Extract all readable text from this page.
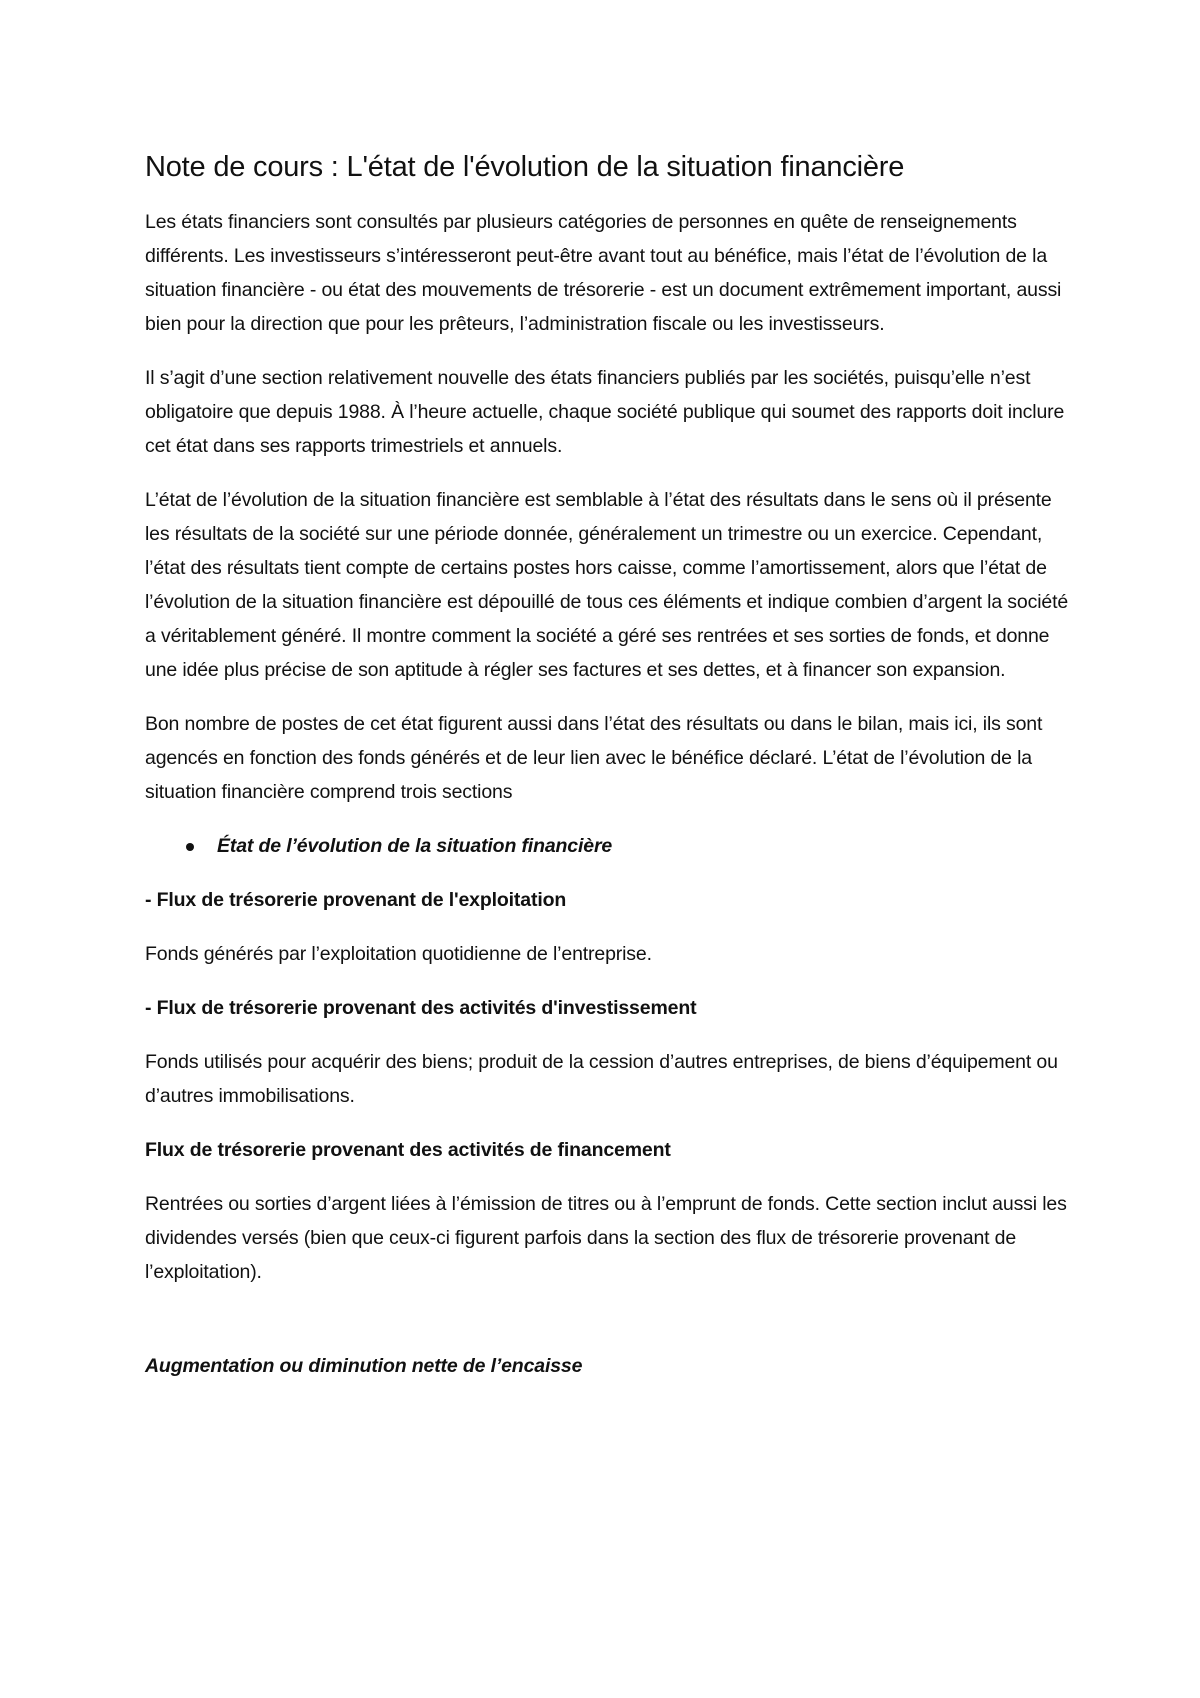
Note de cours : L'état de l'évolution de la situation financière

Les états financiers sont consultés par plusieurs catégories de personnes en quête de renseignements différents. Les investisseurs s’intéresseront peut-être avant tout au bénéfice, mais l’état de l’évolution de la situation financière - ou état des mouvements de trésorerie - est un document extrêmement important, aussi bien pour la direction que pour les prêteurs, l’administration fiscale ou les investisseurs.

Il s’agit d’une section relativement nouvelle des états financiers publiés par les sociétés, puisqu’elle n’est obligatoire que depuis 1988. À l’heure actuelle, chaque société publique qui soumet des rapports doit inclure cet état dans ses rapports trimestriels et annuels.

L’état de l’évolution de la situation financière est semblable à l’état des résultats dans le sens où il présente les résultats de la société sur une période donnée, généralement un trimestre ou un exercice. Cependant, l’état des résultats tient compte de certains postes hors caisse, comme l’amortissement, alors que l’état de l’évolution de la situation financière est dépouillé de tous ces éléments et indique combien d’argent la société a véritablement généré. Il montre comment la société a géré ses rentrées et ses sorties de fonds, et donne une idée plus précise de son aptitude à régler ses factures et ses dettes, et à financer son expansion.

Bon nombre de postes de cet état figurent aussi dans l’état des résultats ou dans le bilan, mais ici, ils sont agencés en fonction des fonds générés et de leur lien avec le bénéfice déclaré. L’état de l’évolution de la situation financière comprend trois sections

État de l’évolution de la situation financière

- Flux de trésorerie provenant de l'exploitation

Fonds générés par l’exploitation quotidienne de l’entreprise.

- Flux de trésorerie provenant des activités d'investissement

Fonds utilisés pour acquérir des biens; produit de la cession d’autres entreprises, de biens d’équipement ou d’autres immobilisations.

Flux de trésorerie provenant des activités de financement

Rentrées ou sorties d’argent liées à l’émission de titres ou à l’emprunt de fonds. Cette section inclut aussi les dividendes versés (bien que ceux-ci figurent parfois dans la section des flux de trésorerie provenant de l’exploitation).

Augmentation ou diminution nette de l’encaisse
